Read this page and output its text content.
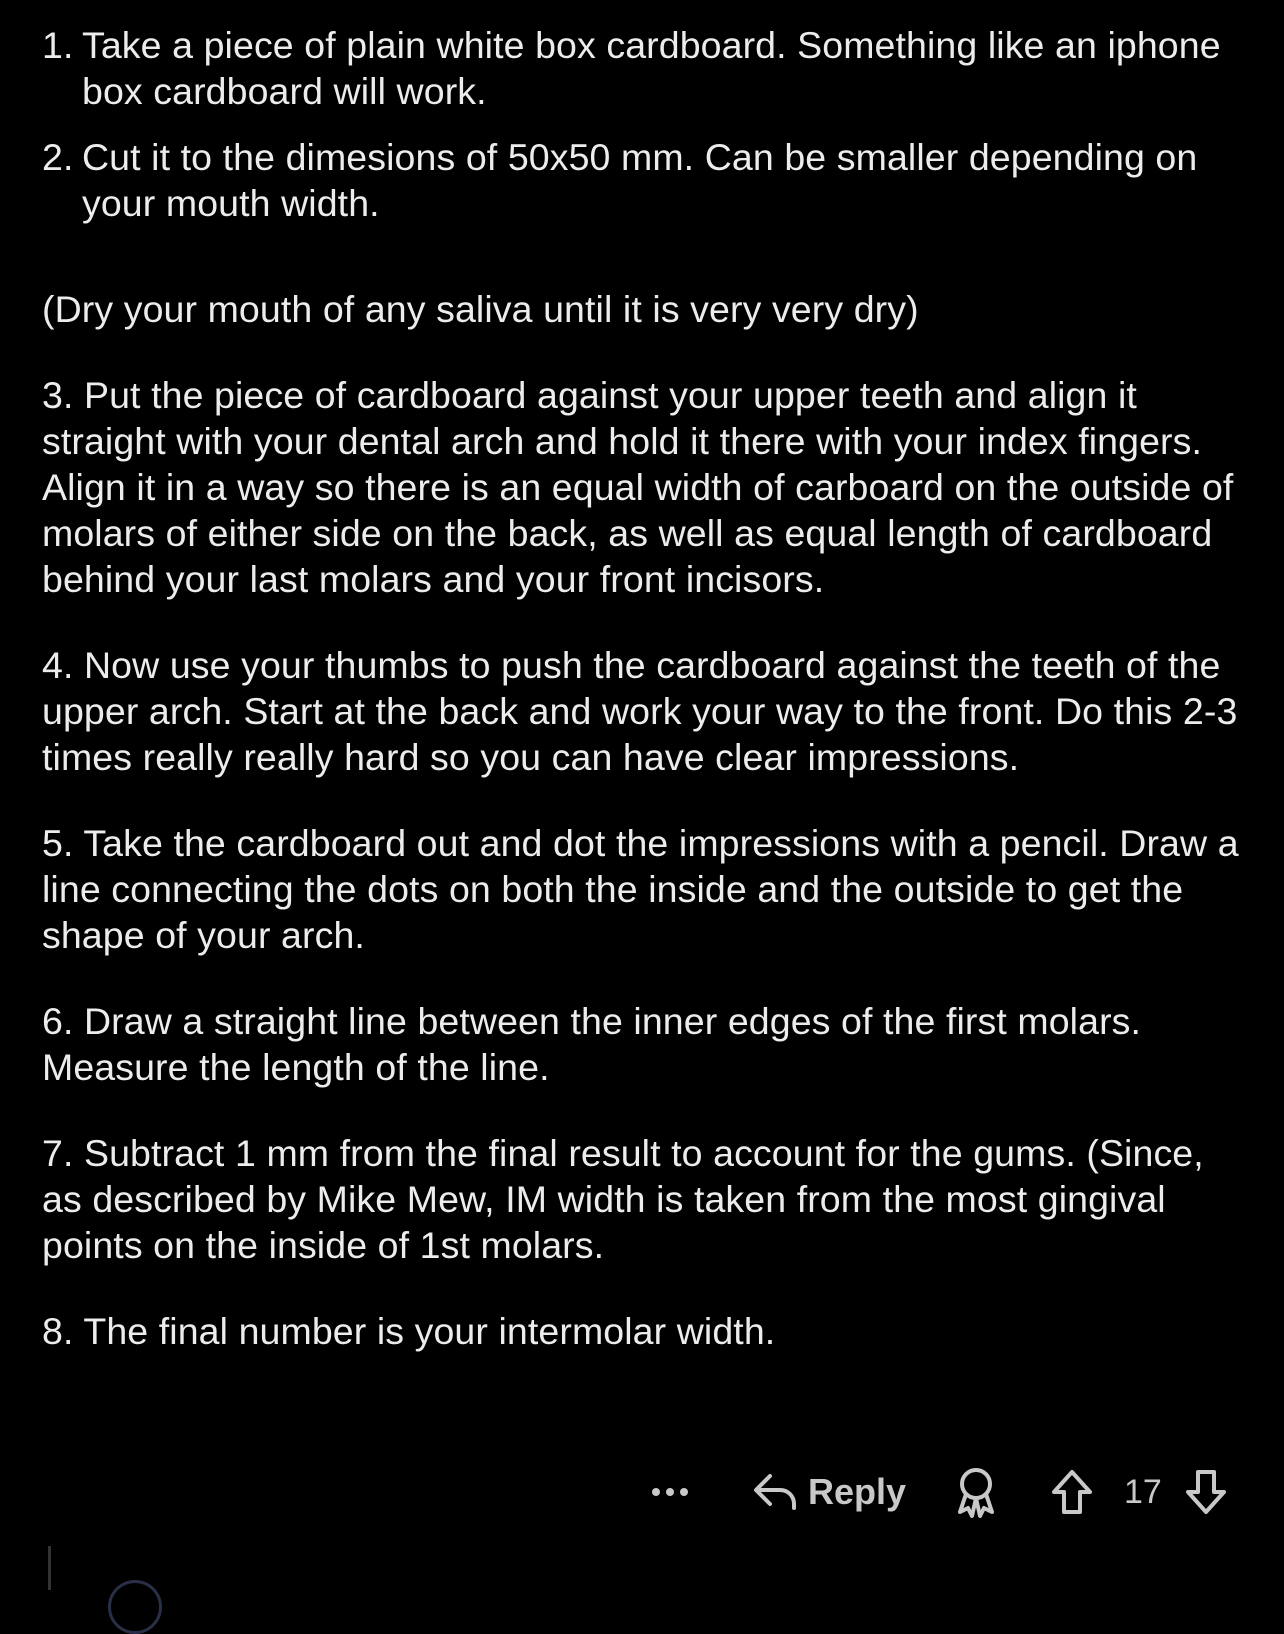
1. Take a piece of plain white box cardboard. Something like an iphone box cardboard will work.
2. Cut it to the dimesions of 50x50 mm. Can be smaller depending on your mouth width.

(Dry your mouth of any saliva until it is very very dry)

3. Put the piece of cardboard against your upper teeth and align it straight with your dental arch and hold it there with your index fingers. Align it in a way so there is an equal width of carboard on the outside of molars of either side on the back, as well as equal length of cardboard behind your last molars and your front incisors.

4. Now use your thumbs to push the cardboard against the teeth of the upper arch. Start at the back and work your way to the front. Do this 2-3 times really really hard so you can have clear impressions.

5. Take the cardboard out and dot the impressions with a pencil. Draw a line connecting the dots on both the inside and the outside to get the shape of your arch.

6. Draw a straight line between the inner edges of the first molars. Measure the length of the line.

7. Subtract 1 mm from the final result to account for the gums. (Since, as described by Mike Mew, IM width is taken from the most gingival points on the inside of 1st molars.

8. The final number is your intermolar width.

Reply	17
